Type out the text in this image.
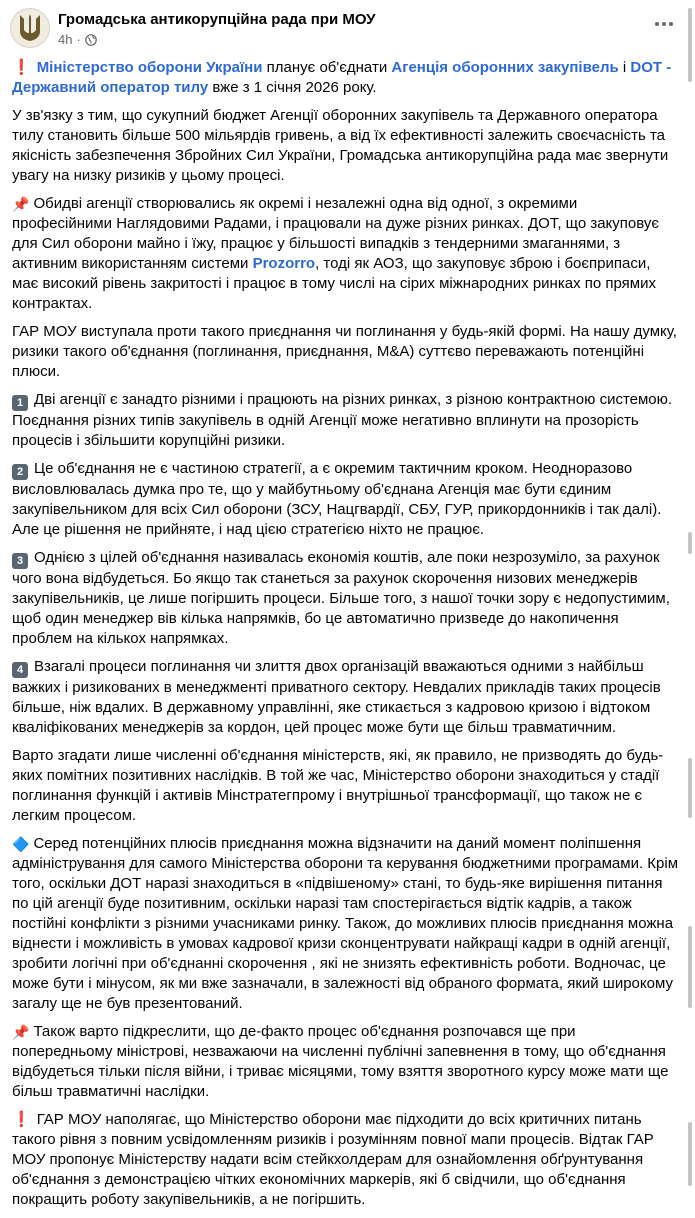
Громадська антикорупційна рада при МОУ
4h ·

❗ Міністерство оборони України планує об'єднати Агенція оборонних закупівель і DOT - Державний оператор тилу вже з 1 січня 2026 року.

У зв'язку з тим, що сукупний бюджет Агенції оборонних закупівель та Державного оператора тилу становить більше 500 мільярдів гривень, а від їх ефективності залежить своєчасність та якісність забезпечення Збройних Сил України, Громадська антикорупційна рада має звернути увагу на низку ризиків у цьому процесі.

📌 Обидві агенції створювались як окремі і незалежні одна від одної, з окремими професійними Наглядовими Радами, і працювали на дуже різних ринках. ДОТ, що закуповує для Сил оборони майно і їжу, працює у більшості випадків з тендерними змаганнями, з активним використанням системи Prozorro, тоді як АОЗ, що закуповує зброю і боєприпаси, має високий рівень закритості і працює в тому числі на сірих міжнародних ринках по прямих контрактах.

ГАР МОУ виступала проти такого приєднання чи поглинання у будь-якій формі. На нашу думку, ризики такого об'єднання (поглинання, приєднання, M&A) суттєво переважають потенційні плюси.

1 Дві агенції є занадто різними і працюють на різних ринках, з різною контрактною системою. Поєднання різних типів закупівель в одній Агенції може негативно вплинути на прозорість процесів і збільшити корупційні ризики.

2 Це об'єднання не є частиною стратегії, а є окремим тактичним кроком. Неодноразово висловлювалась думка про те, що у майбутньому об'єднана Агенція має бути єдиним закупівельником для всіх Сил оборони (ЗСУ, Нацгвардії, СБУ, ГУР, прикордонників і так далі). Але це рішення не прийняте, і над цією стратегією ніхто не працює.

3 Однією з цілей об'єднання називалась економія коштів, але поки незрозуміло, за рахунок чого вона відбудеться. Бо якщо так станеться за рахунок скорочення низових менеджерів закупівельників, це лише погіршить процеси. Більше того, з нашої точки зору є недопустимим, щоб один менеджер вів кілька напрямків, бо це автоматично призведе до накопичення проблем на кількох напрямках.

4 Взагалі процеси поглинання чи злиття двох організацій вважаються одними з найбільш важких і ризикованих в менеджменті приватного сектору. Невдалих прикладів таких процесів більше, ніж вдалих. В державному управлінні, яке стикається з кадровою кризою і відтоком кваліфікованих менеджерів за кордон, цей процес може бути ще більш травматичним.

Варто згадати лише численні об'єднання міністерств, які, як правило, не призводять до будь-яких помітних позитивних наслідків. В той же час, Міністерство оборони знаходиться у стадії поглинання функцій і активів Мінстратегпрому і внутрішньої трансформації, що також не є легким процесом.

🔷 Серед потенційних плюсів приєднання можна відзначити на даний момент поліпшення адміністрування для самого Міністерства оборони та керування бюджетними програмами. Крім того, оскільки ДОТ наразі знаходиться в «підвішеному» стані, то будь-яке вирішення питання по цій агенції буде позитивним, оскільки наразі там спостерігається відтік кадрів, а також постійні конфлікти з різними учасниками ринку. Також, до можливих плюсів приєднання можна віднести і можливість в умовах кадрової кризи сконцентрувати найкращі кадри в одній агенції, зробити логічні при об'єднанні скорочення , які не знизять ефективність роботи. Водночас, це може бути і мінусом, як ми вже зазначали, в залежності від обраного формата, який широкому загалу ще не був презентований.

📌 Також варто підкреслити, що де-факто процес об'єднання розпочався ще при попередньому міністрові, незважаючи на численні публічні запевнення в тому, що об'єднання відбудеться тільки після війни, і триває місяцями, тому взяття зворотного курсу може мати ще більш травматичні наслідки.

❗ ГАР МОУ наполягає, що Міністерство оборони має підходити до всіх критичних питань такого рівня з повним усвідомленням ризиків і розумінням повної мапи процесів. Відтак ГАР МОУ пропонує Міністерству надати всім стейкхолдерам для ознайомлення обґрунтування об'єднання з демонстрацією чітких економічних маркерів, які б свідчили, що об'єднання покращить роботу закупівельників, а не погіршить.
